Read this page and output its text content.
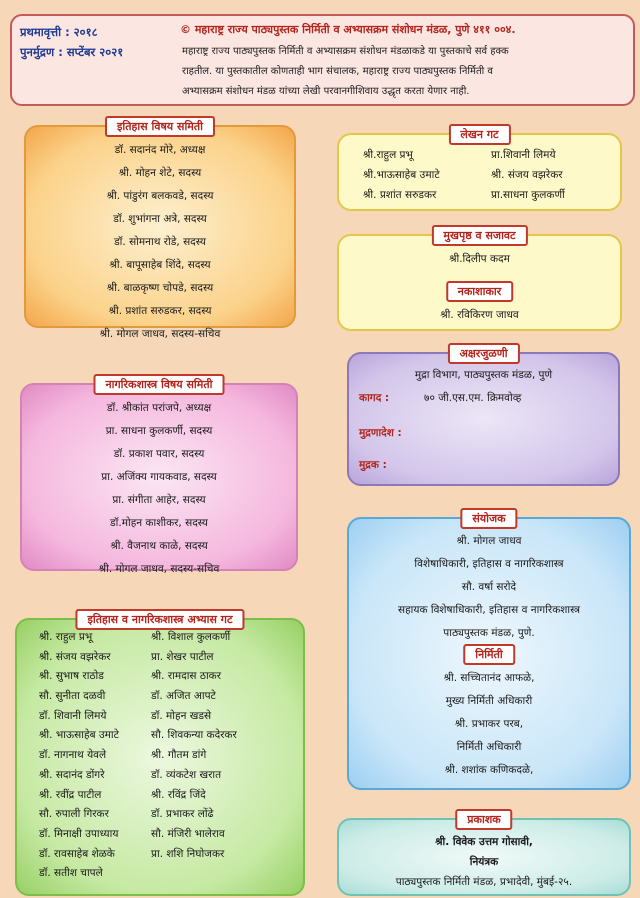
प्रथमावृत्ती : २०१८
पुनर्मुद्रण : सप्टेंबर २०२१
© महाराष्ट्र राज्य पाठ्यपुस्तक निर्मिती व अभ्यासक्रम संशोधन मंडळ, पुणे ४११ ००४.
महाराष्ट्र राज्य पाठ्यपुस्तक निर्मिती व अभ्यासक्रम संशोधन मंडळाकडे या पुस्तकाचे सर्व हक्क
राहतील. या पुस्तकातील कोणताही भाग संचालक, महाराष्ट्र राज्य पाठ्यपुस्तक निर्मिती व
अभ्यासक्रम संशोधन मंडळ यांच्या लेखी परवानगीशिवाय उद्धृत करता येणार नाही.
इतिहास विषय समिती
डॉ. सदानंद मोरे, अध्यक्ष
श्री. मोहन शेटे, सदस्य
श्री. पांडुरंग बलकवडे, सदस्य
डॉ. शुभांगना अत्रे, सदस्य
डॉ. सोमनाथ रोडे, सदस्य
श्री. बापूसाहेब शिंदे, सदस्य
श्री. बाळकृष्ण चोपडे, सदस्य
श्री. प्रशांत सरुडकर, सदस्य
श्री. मोगल जाधव, सदस्य-सचिव
नागरिकशास्त्र विषय समिती
डॉ. श्रीकांत परांजपे, अध्यक्ष
प्रा. साधना कुलकर्णी, सदस्य
डॉ. प्रकाश पवार, सदस्य
प्रा. अजिंक्य गायकवाड, सदस्य
प्रा. संगीता आहेर, सदस्य
डॉ.मोहन काशीकर, सदस्य
श्री. वैजनाथ काळे, सदस्य
श्री. मोगल जाधव, सदस्य-सचिव
इतिहास व नागरिकशास्त्र अभ्यास गट
श्री. राहुल प्रभू	श्री. विशाल कुलकर्णी
श्री. संजय वझरेकर	प्रा. शेखर पाटील
श्री. सुभाष राठोड	श्री. रामदास ठाकर
सौ. सुनीता दळवी	डॉ. अजित आपटे
डॉ. शिवानी लिमये	डॉ. मोहन खडसे
श्री. भाऊसाहेब उमाटे	सौ. शिवकन्या कदेरकर
डॉ. नागनाथ येवले	श्री. गौतम डांगे
श्री. सदानंद डोंगरे	डॉ. व्यंकटेश खरात
श्री. रवींद्र पाटील	श्री. रविंद्र जिंदे
सौ. रुपाली गिरकर	डॉ. प्रभाकर लोंढे
डॉ. मिनाक्षी उपाध्याय	सौ. मंजिरी भालेराव
डॉ. रावसाहेब शेळके	प्रा. शशि निघोजकर
डॉ. सतीश चापले
लेखन गट
श्री.राहुल प्रभू	प्रा.शिवानी लिमये
श्री.भाऊसाहेब उमाटे	श्री. संजय वझरेकर
श्री. प्रशांत सरुडकर	प्रा.साधना कुलकर्णी
मुखपृष्ठ व सजावट
श्री.दिलीप कदम
नकाशाकार
श्री. रविकिरण जाधव
अक्षरजुळणी
मुद्रा विभाग, पाठ्यपुस्तक मंडळ, पुणे
कागद :	७० जी.एस.एम. क्रिमवोव्ह
मुद्रणादेश :
मुद्रक :
संयोजक
श्री. मोगल जाधव
विशेषाधिकारी, इतिहास व नागरिकशास्त्र
सौ. वर्षा सरोदे
सहायक विशेषाधिकारी, इतिहास व नागरिकशास्त्र
पाठ्यपुस्तक मंडळ, पुणे.
निर्मिती
श्री. सच्चितानंद आफळे,
मुख्य निर्मिती अधिकारी
श्री. प्रभाकर परब,
निर्मिती अधिकारी
श्री. शशांक कणिकदळे,
प्रकाशक
श्री. विवेक उत्तम गोसावी,
नियंत्रक
पाठ्यपुस्तक निर्मिती मंडळ, प्रभादेवी, मुंबई-२५.
